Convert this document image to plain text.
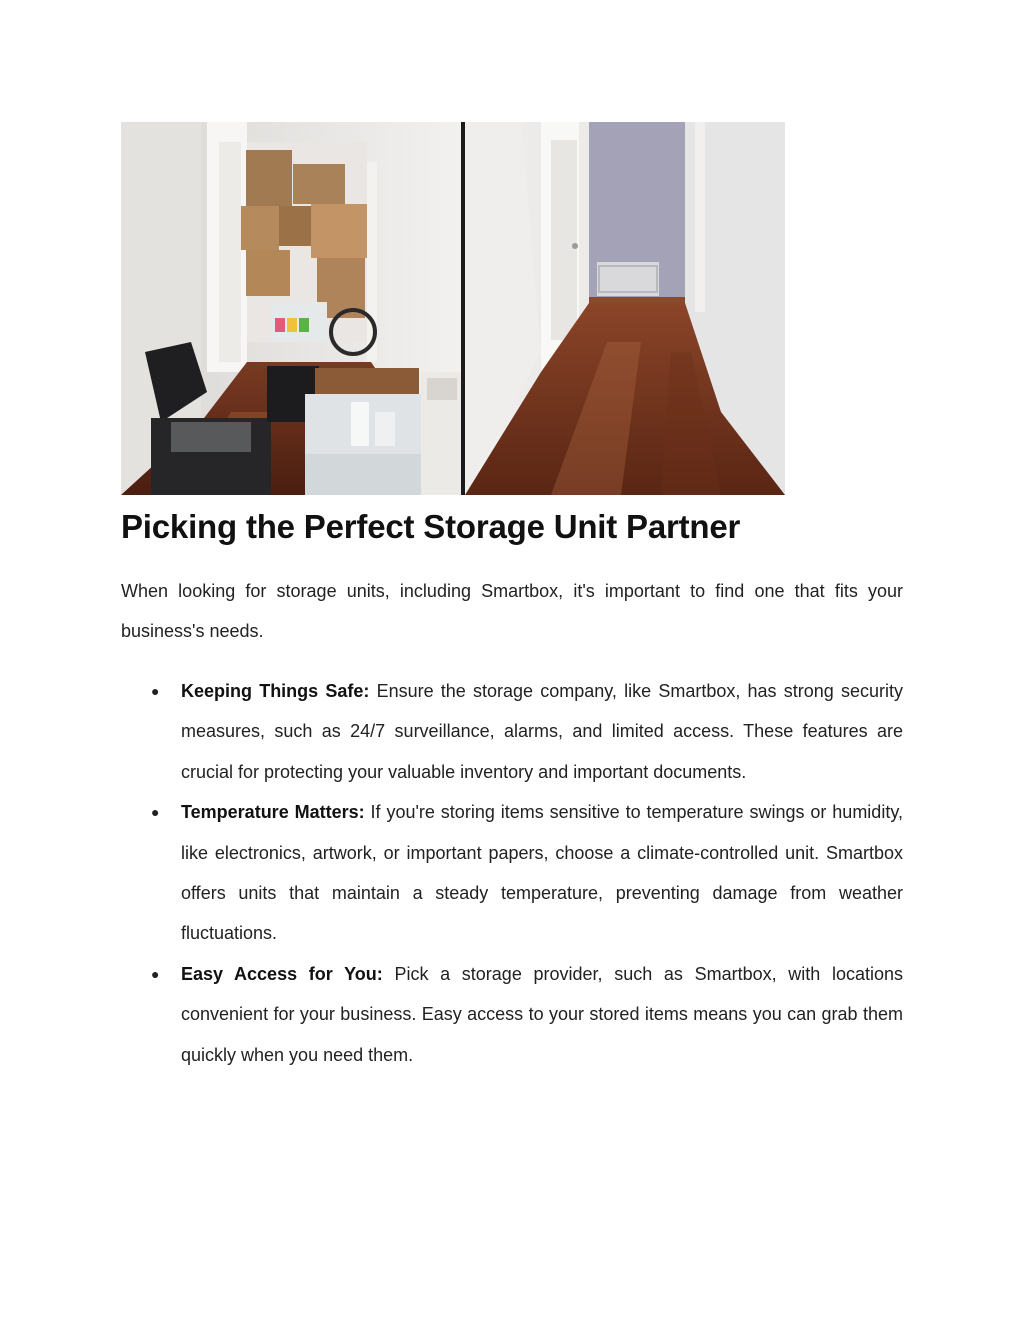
Picking the Perfect Storage Unit Partner

When looking for storage units, including Smartbox, it's important to find one that fits your business's needs.

● Keeping Things Safe: Ensure the storage company, like Smartbox, has strong security measures, such as 24/7 surveillance, alarms, and limited access. These features are crucial for protecting your valuable inventory and important documents.
● Temperature Matters: If you're storing items sensitive to temperature swings or humidity, like electronics, artwork, or important papers, choose a climate-controlled unit. Smartbox offers units that maintain a steady temperature, preventing damage from weather fluctuations.
● Easy Access for You: Pick a storage provider, such as Smartbox, with locations convenient for your business. Easy access to your stored items means you can grab them quickly when you need them.
